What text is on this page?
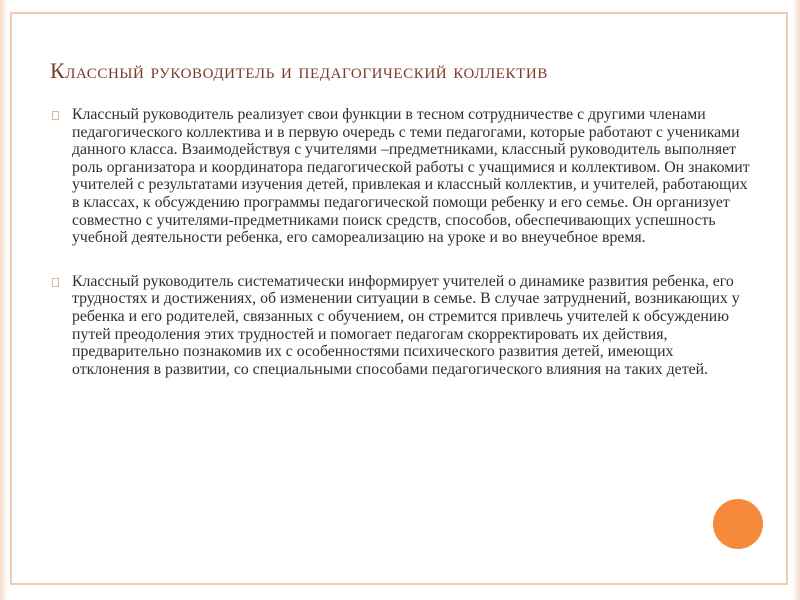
Классный руководитель и педагогический коллектив

Классный руководитель реализует свои функции в тесном сотрудничестве с другими членами педагогического коллектива и в первую очередь с теми педагогами, которые работают с учениками данного класса. Взаимодействуя с учителями –предметниками, классный руководитель выполняет роль организатора и координатора педагогической работы с учащимися и коллективом. Он знакомит учителей с результатами изучения детей, привлекая и классный коллектив, и учителей, работающих в классах, к обсуждению программы педагогической помощи ребенку и его семье. Он организует совместно с учителями-предметниками поиск средств, способов, обеспечивающих успешность учебной деятельности ребенка, его самореализацию на уроке и во внеучебное время.

Классный руководитель систематически информирует учителей о динамике развития ребенка, его трудностях и достижениях, об изменении ситуации в семье. В случае затруднений, возникающих у ребенка и его родителей, связанных с обучением, он стремится привлечь учителей к обсуждению путей преодоления этих трудностей и помогает педагогам скорректировать их действия, предварительно познакомив их с особенностями психического развития детей, имеющих отклонения в развитии, со специальными способами педагогического влияния на таких детей.
